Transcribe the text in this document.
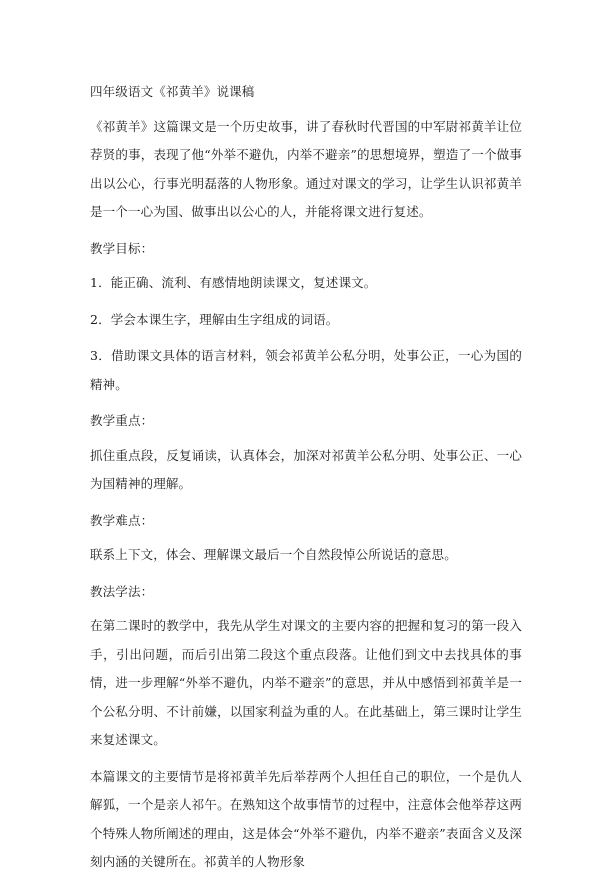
四年级语文《祁黄羊》说课稿

《祁黄羊》这篇课文是一个历史故事，讲了春秋时代晋国的中军尉祁黄羊让位荐贤的事，表现了他“外举不避仇，内举不避亲”的思想境界，塑造了一个做事出以公心，行事光明磊落的人物形象。通过对课文的学习，让学生认识祁黄羊是一个一心为国、做事出以公心的人，并能将课文进行复述。

教学目标：

1．能正确、流利、有感情地朗读课文，复述课文。

2．学会本课生字，理解由生字组成的词语。

3．借助课文具体的语言材料，领会祁黄羊公私分明，处事公正，一心为国的精神。

教学重点：

抓住重点段，反复诵读，认真体会，加深对祁黄羊公私分明、处事公正、一心为国精神的理解。

教学难点：

联系上下文，体会、理解课文最后一个自然段悼公所说话的意思。

教法学法：

在第二课时的教学中，我先从学生对课文的主要内容的把握和复习的第一段入手，引出问题，而后引出第二段这个重点段落。让他们到文中去找具体的事情，进一步理解“外举不避仇，内举不避亲”的意思，并从中感悟到祁黄羊是一个公私分明、不计前嫌，以国家利益为重的人。在此基础上，第三课时让学生来复述课文。

本篇课文的主要情节是将祁黄羊先后举荐两个人担任自己的职位，一个是仇人解狐，一个是亲人祁午。在熟知这个故事情节的过程中，注意体会他举荐这两个特殊人物所阐述的理由，这是体会“外举不避仇，内举不避亲”表面含义及深刻内涵的关键所在。祁黄羊的人物形象
